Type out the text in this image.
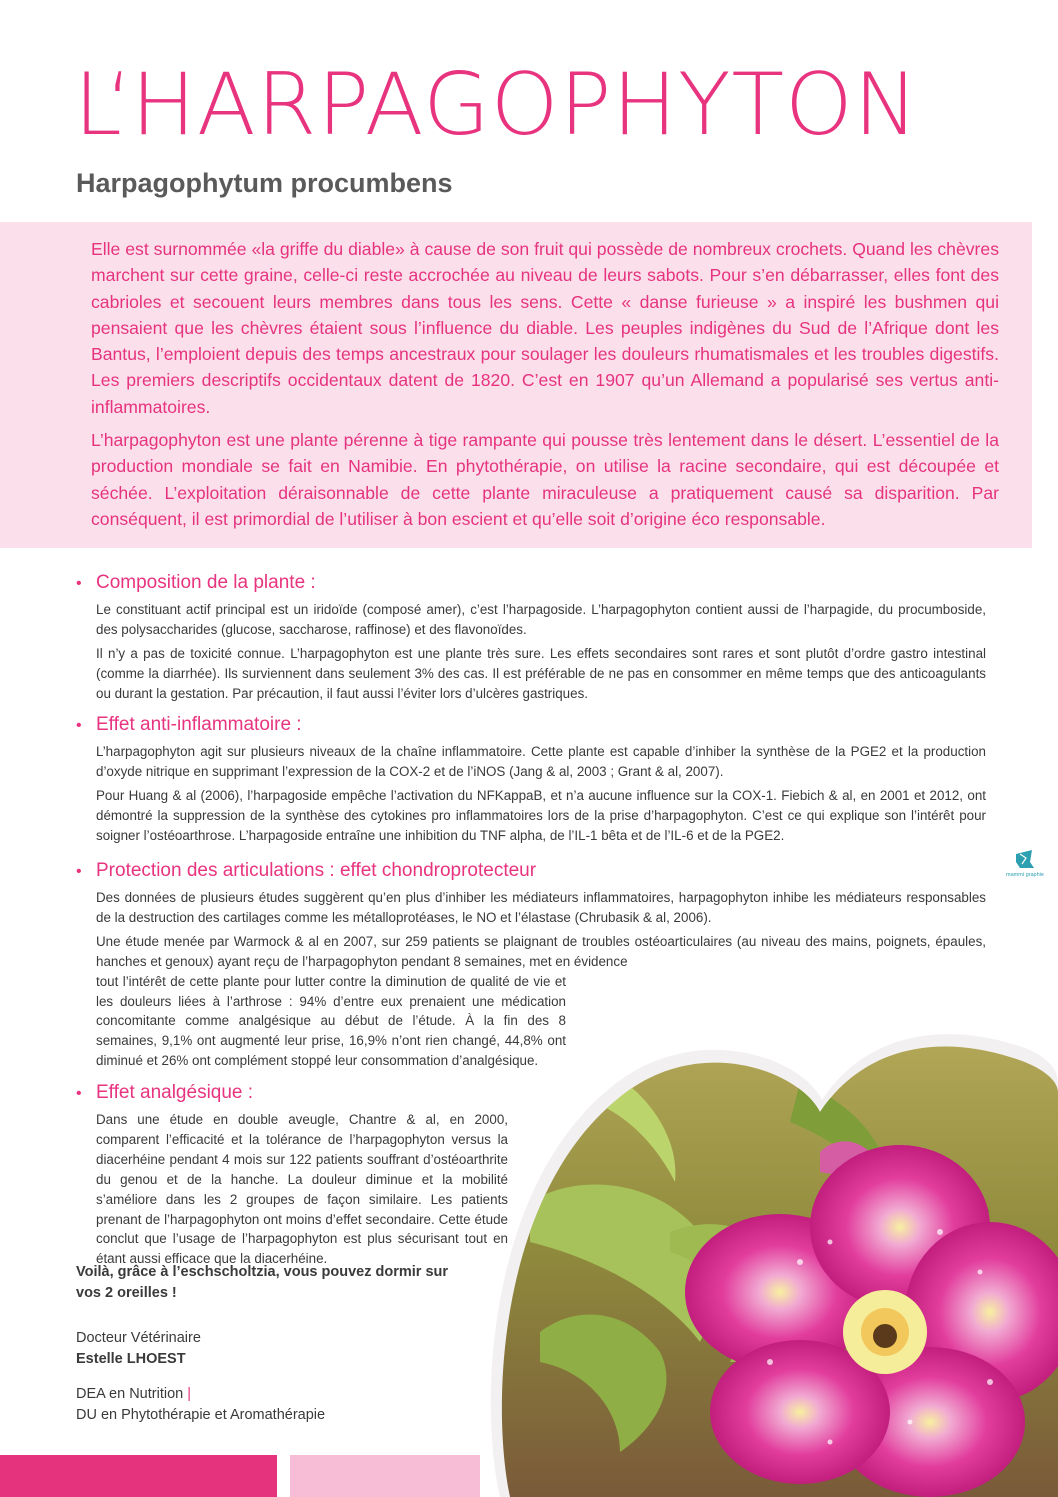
L‘HARPAGOPHYTON
Harpagophytum procumbens

Elle est surnommée «la griffe du diable» à cause de son fruit qui possède de nombreux crochets. Quand les chèvres marchent sur cette graine, celle-ci reste accrochée au niveau de leurs sabots. Pour s’en débarrasser, elles font des cabrioles et secouent leurs membres dans tous les sens. Cette « danse furieuse » a inspiré les bushmen qui pensaient que les chèvres étaient sous l’influence du diable. Les peuples indigènes du Sud de l’Afrique dont les Bantus, l’emploient depuis des temps ancestraux pour soulager les douleurs rhumatismales et les troubles digestifs. Les premiers descriptifs occidentaux datent de 1820. C’est en 1907 qu’un Allemand a popularisé ses vertus anti-inflammatoires.

L’harpagophyton est une plante pérenne à tige rampante qui pousse très lentement dans le désert. L’essentiel de la production mondiale se fait en Namibie. En phytothérapie, on utilise la racine secondaire, qui est découpée et séchée. L’exploitation déraisonnable de cette plante miraculeuse a pratiquement causé sa disparition. Par conséquent, il est primordial de l’utiliser à bon escient et qu’elle soit d’origine éco responsable.

• Composition de la plante :

Le constituant actif principal est un iridoïde (composé amer), c’est l’harpagoside. L’harpagophyton contient aussi de l’harpagide, du procumboside, des polysaccharides (glucose, saccharose, raffinose) et des flavonoïdes.

Il n’y a pas de toxicité connue. L’harpagophyton est une plante très sure. Les effets secondaires sont rares et sont plutôt d’ordre gastro intestinal (comme la diarrhée). Ils surviennent dans seulement 3% des cas. Il est préférable de ne pas en consommer en même temps que des anticoagulants ou durant la gestation. Par précaution, il faut aussi l’éviter lors d’ulcères gastriques.

• Effet anti-inflammatoire :

L’harpagophyton agit sur plusieurs niveaux de la chaîne inflammatoire. Cette plante est capable d’inhiber la synthèse de la PGE2 et la production d’oxyde nitrique en supprimant l’expression de la COX-2 et de l’iNOS (Jang & al, 2003 ; Grant & al, 2007).

Pour Huang & al (2006), l’harpagoside empêche l’activation du NFKappaB, et n’a aucune influence sur la COX-1. Fiebich & al, en 2001 et 2012, ont démontré la suppression de la synthèse des cytokines pro inflammatoires lors de la prise d’harpagophyton. C’est ce qui explique son l’intérêt pour soigner l’ostéoarthrose. L’harpagoside entraîne une inhibition du TNF alpha, de l’IL-1 bêta et de l’IL-6 et de la PGE2.

• Protection des articulations : effet chondroprotecteur

Des données de plusieurs études suggèrent qu’en plus d’inhiber les médiateurs inflammatoires, harpagophyton inhibe les médiateurs responsables de la destruction des cartilages comme les métalloprotéases, le NO et l’élastase (Chrubasik & al, 2006).

Une étude menée par Warmock & al en 2007, sur 259 patients se plaignant de troubles ostéoarticulaires (au niveau des mains, poignets, épaules, hanches et genoux) ayant reçu de l’harpagophyton pendant 8 semaines, met en évidence

tout l’intérêt de cette plante pour lutter contre la diminution de qualité de vie et les douleurs liées à l’arthrose : 94% d’entre eux prenaient une médication concomitante comme analgésique au début de l’étude. À la fin des 8 semaines, 9,1% ont augmenté leur prise, 16,9% n’ont rien changé, 44,8% ont diminué et 26% ont complément stoppé leur consommation d’analgésique.

• Effet analgésique :

Dans une étude en double aveugle, Chantre & al, en 2000, comparent l’efficacité et la tolérance de l’harpagophyton versus la diacerhéine pendant 4 mois sur 122 patients souffrant d’ostéoarthrite du genou et de la hanche. La douleur diminue et la mobilité s’améliore dans les 2 groupes de façon similaire. Les patients prenant de l’harpagophyton ont moins d’effet secondaire. Cette étude conclut que l’usage de l’harpagophyton est plus sécurisant tout en étant aussi efficace que la diacerhéine.

Voilà, grâce à l’eschscholtzia, vous pouvez dormir sur vos 2 oreilles !
Docteur Vétérinaire
Estelle LHOEST
DEA en Nutrition |
DU en Phytothérapie et Aromathérapie
mammi graphie
